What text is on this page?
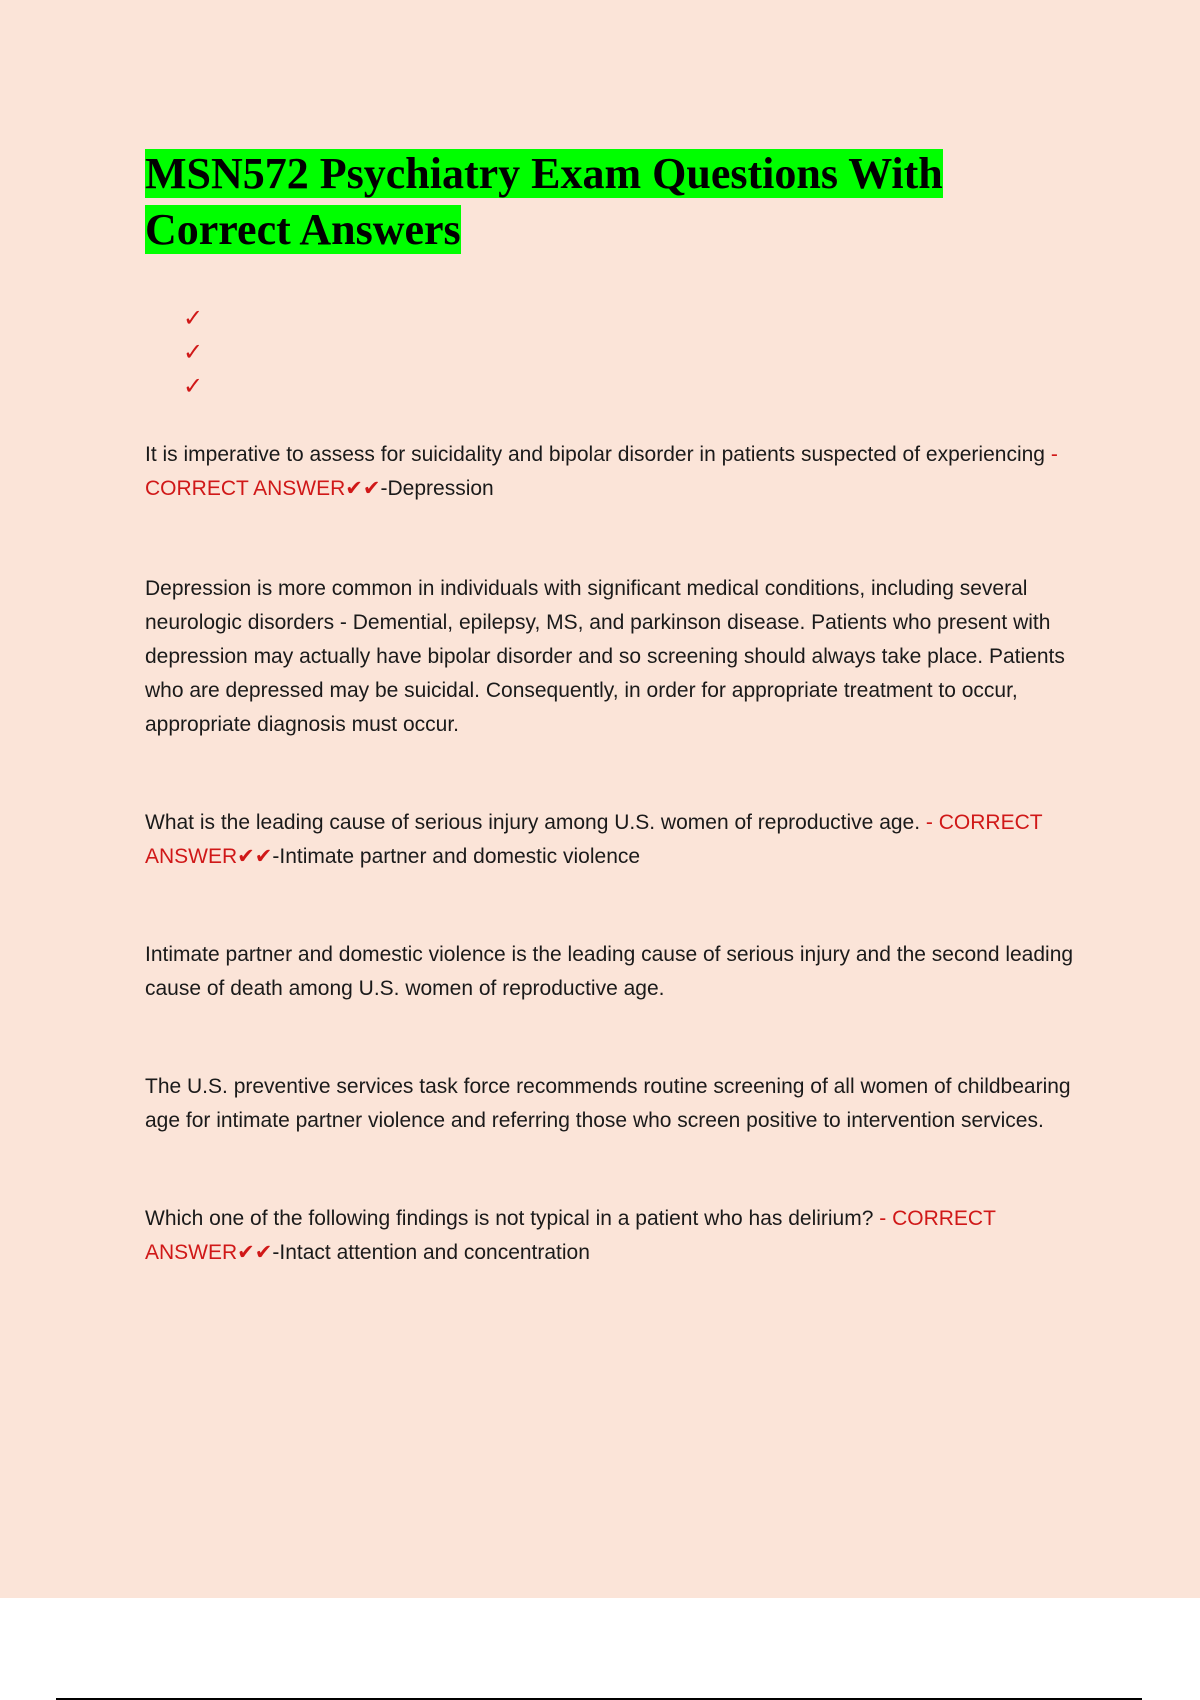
MSN572 Psychiatry Exam Questions With
Correct Answers
✓
✓
✓

It is imperative to assess for suicidality and bipolar disorder in patients suspected of experiencing - CORRECT ANSWER✔✔-Depression

Depression is more common in individuals with significant medical conditions, including several neurologic disorders - Demential, epilepsy, MS, and parkinson disease. Patients who present with depression may actually have bipolar disorder and so screening should always take place. Patients who are depressed may be suicidal. Consequently, in order for appropriate treatment to occur, appropriate diagnosis must occur.

What is the leading cause of serious injury among U.S. women of reproductive age. - CORRECT ANSWER✔✔-Intimate partner and domestic violence

Intimate partner and domestic violence is the leading cause of serious injury and the second leading cause of death among U.S. women of reproductive age.

The U.S. preventive services task force recommends routine screening of all women of childbearing age for intimate partner violence and referring those who screen positive to intervention services.

Which one of the following findings is not typical in a patient who has delirium? - CORRECT ANSWER✔✔-Intact attention and concentration
